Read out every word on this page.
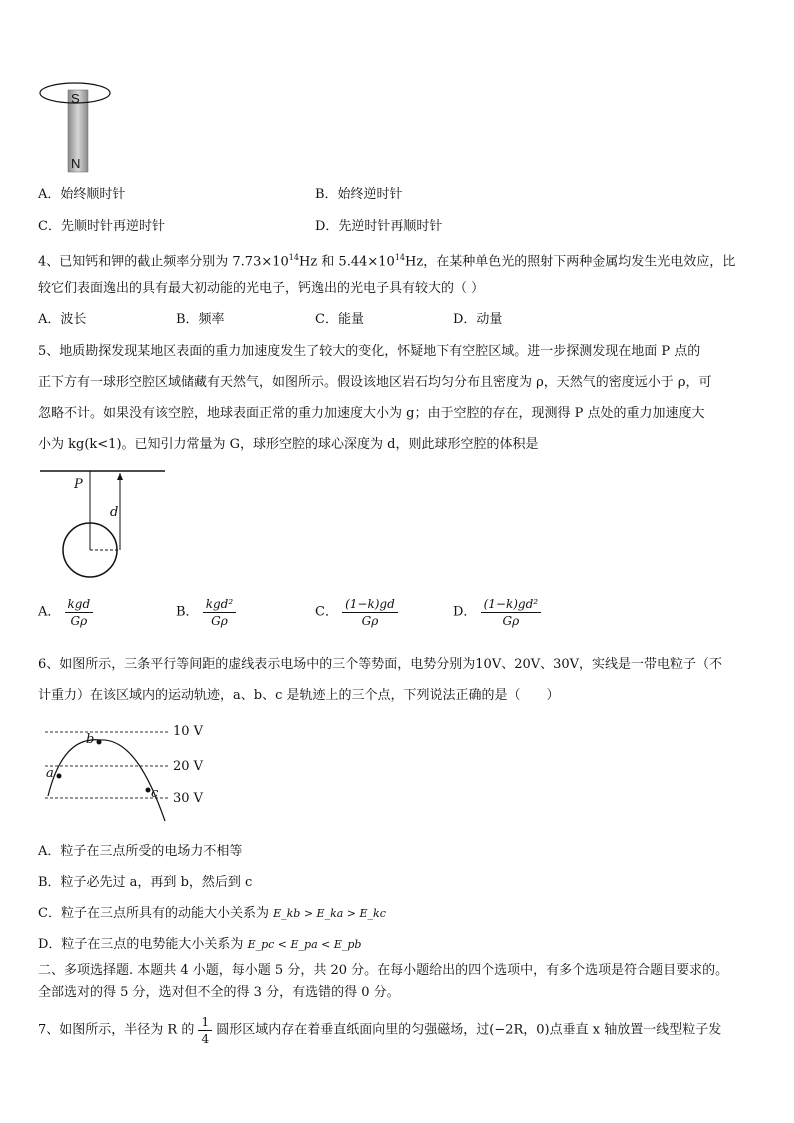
S
N
A．始终顺时针	B．始终逆时针
C．先顺时针再逆时针	D．先逆时针再顺时针
4、已知钙和钾的截止频率分别为 $7.73\times 10^{14}Hz$ 和 $5.44\times 10^{14}Hz$，在某种单色光的照射下两种金属均发生光电效应，比
较它们表面逸出的具有最大初动能的光电子，钙逸出的光电子具有较大的（ ）
A．波长	B．频率	C．能量	D．动量
5、地质勘探发现某地区表面的重力加速度发生了较大的变化，怀疑地下有空腔区域。进一步探测发现在地面 P 点的
正下方有一球形空腔区域储藏有天然气，如图所示。假设该地区岩石均匀分布且密度为 ρ，天然气的密度远小于 ρ，可
忽略不计。如果没有该空腔，地球表面正常的重力加速度大小为 g；由于空腔的存在，现测得 P 点处的重力加速度大
小为 kg(k<1)。已知引力常量为 G，球形空腔的球心深度为 d，则此球形空腔的体积是
P
d
A． $\frac{\text{kgd}}{G\rho}$	B． $\frac{\text{kgd²}}{G\rho}$	C． $\frac{(1-k)gd}{G\rho}$	D． $\frac{\text{(1−k)gd²}}{G\rho}$
6、如图所示，三条平行等间距的虚线表示电场中的三个等势面，电势分别为10V、20V、30V，实线是一带电粒子（不
计重力）在该区域内的运动轨迹，a、b、c 是轨迹上的三个点，下列说法正确的是（　　）
10 V
20 V
30 V
a
b
c
A．粒子在三点所受的电场力不相等
B．粒子必先过 a，再到 b，然后到 c
C．粒子在三点所具有的动能大小关系为 E_kb > E_ka > E_kc
D．粒子在三点的电势能大小关系为 E_pc < E_pa < E_pb
二、多项选择题. 本题共 4 小题，每小题 5 分，共 20 分。在每小题给出的四个选项中，有多个选项是符合题目要求的。
全部选对的得 5 分，选对但不全的得 3 分，有选错的得 0 分。
7、如图所示，半径为 R 的 $\frac{1}{4}$ 圆形区域内存在着垂直纸面向里的匀强磁场，过(−2R，0)点垂直 x 轴放置一线型粒子发
